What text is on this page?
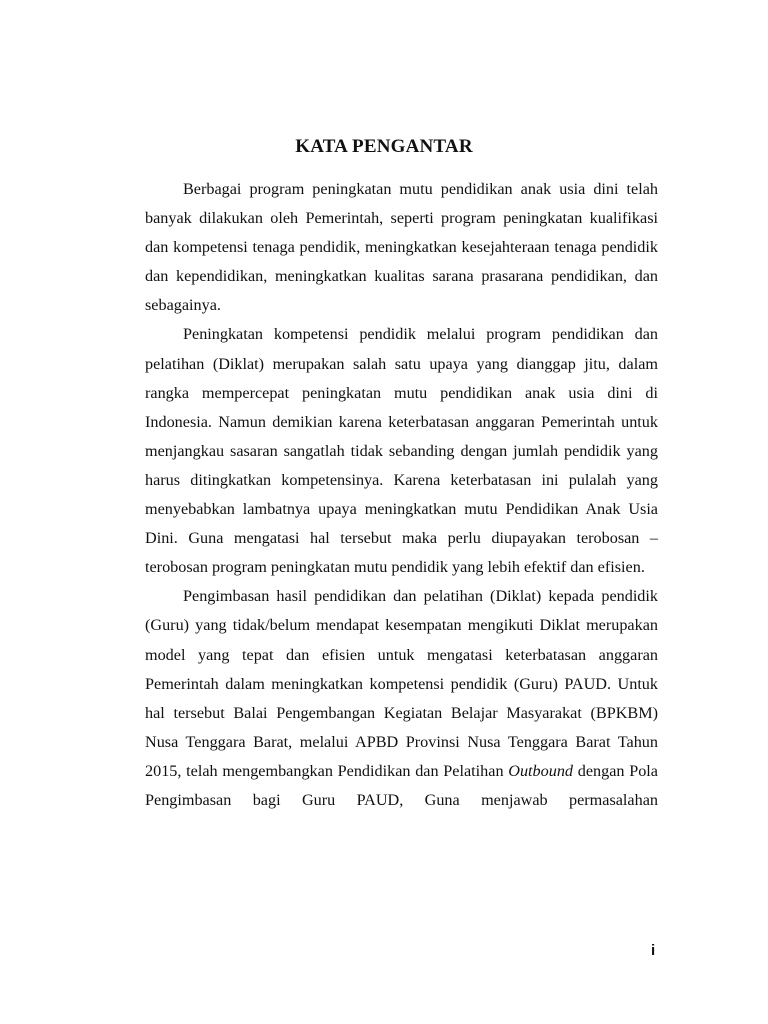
KATA PENGANTAR

Berbagai program peningkatan mutu pendidikan anak usia dini telah banyak dilakukan oleh Pemerintah, seperti program peningkatan kualifikasi dan kompetensi tenaga pendidik, meningkatkan kesejahteraan tenaga pendidik dan kependidikan, meningkatkan kualitas sarana prasarana pendidikan, dan sebagainya.

Peningkatan kompetensi pendidik melalui program pendidikan dan pelatihan (Diklat) merupakan salah satu upaya yang dianggap jitu, dalam rangka mempercepat peningkatan mutu pendidikan anak usia dini di Indonesia. Namun demikian karena keterbatasan anggaran Pemerintah untuk menjangkau sasaran sangatlah tidak sebanding dengan jumlah pendidik yang harus ditingkatkan kompetensinya. Karena keterbatasan ini pulalah yang menyebabkan lambatnya upaya meningkatkan mutu Pendidikan Anak Usia Dini. Guna mengatasi hal tersebut maka perlu diupayakan terobosan – terobosan program peningkatan mutu pendidik yang lebih efektif dan efisien.

Pengimbasan hasil pendidikan dan pelatihan (Diklat) kepada pendidik (Guru) yang tidak/belum mendapat kesempatan mengikuti Diklat merupakan model yang tepat dan efisien untuk mengatasi keterbatasan anggaran Pemerintah dalam meningkatkan kompetensi pendidik (Guru) PAUD. Untuk hal tersebut Balai Pengembangan Kegiatan Belajar Masyarakat (BPKBM) Nusa Tenggara Barat, melalui APBD Provinsi Nusa Tenggara Barat Tahun 2015, telah mengembangkan Pendidikan dan Pelatihan Outbound dengan Pola Pengimbasan bagi Guru PAUD, Guna menjawab permasalahan

i
